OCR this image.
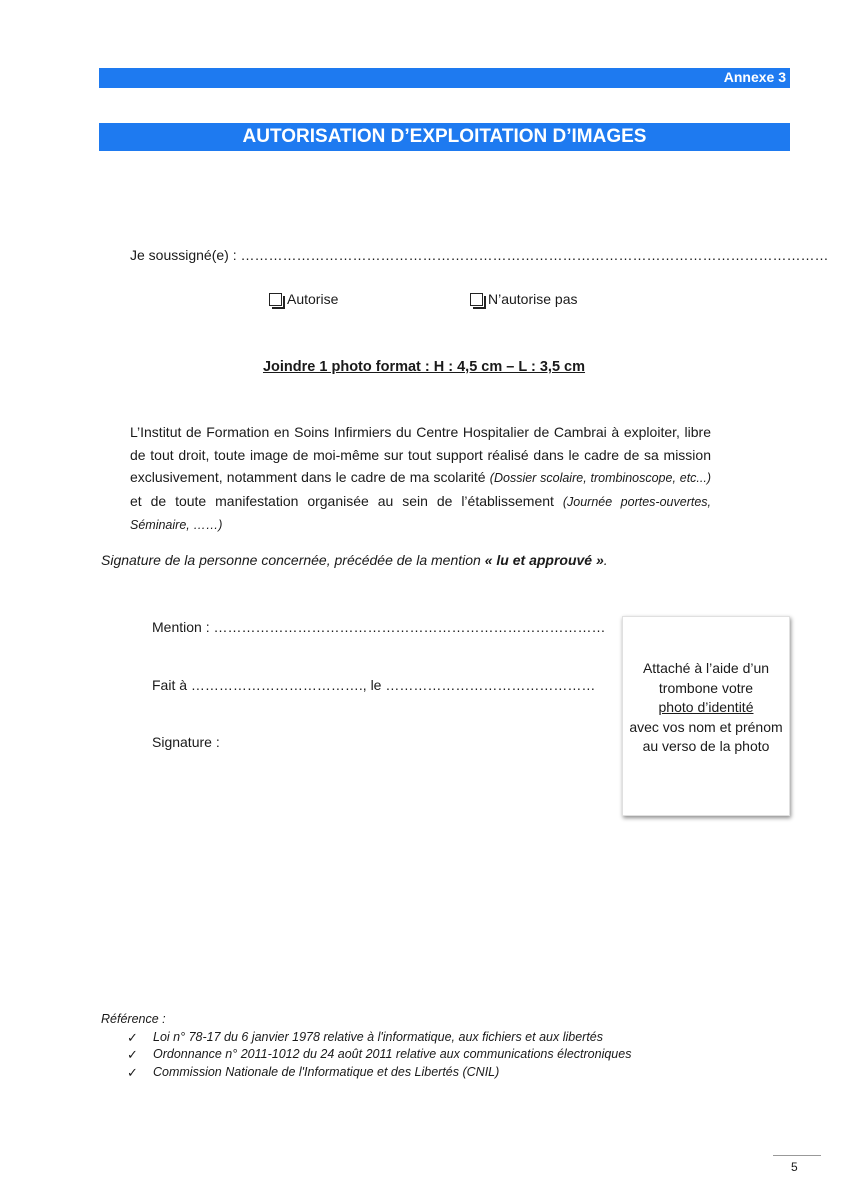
Annexe 3
AUTORISATION D’EXPLOITATION D’IMAGES
Je soussigné(e) : ………………………………………………………………………………………………………………
Autorise	N’autorise pas
Joindre 1 photo format : H : 4,5 cm – L : 3,5 cm
L’Institut de Formation en Soins Infirmiers du Centre Hospitalier de Cambrai à exploiter, libre de tout droit, toute image de moi-même sur tout support réalisé dans le cadre de sa mission exclusivement, notamment dans le cadre de ma scolarité (Dossier scolaire, trombinoscope, etc...) et de toute manifestation organisée au sein de l’établissement (Journée portes-ouvertes, Séminaire, ……)
Signature de la personne concernée, précédée de la mention « lu et approuvé ».
Mention : …………………………………………………………………………
Fait à ………………………………., le ………………………………………
Signature :
Attaché à l’aide d’un
trombone votre
photo d’identité
avec vos nom et prénom
au verso de la photo
Référence :
✓	Loi n° 78-17 du 6 janvier 1978 relative à l'informatique, aux fichiers et aux libertés
✓	Ordonnance n° 2011-1012 du 24 août 2011 relative aux communications électroniques
✓	Commission Nationale de l'Informatique et des Libertés (CNIL)
5
